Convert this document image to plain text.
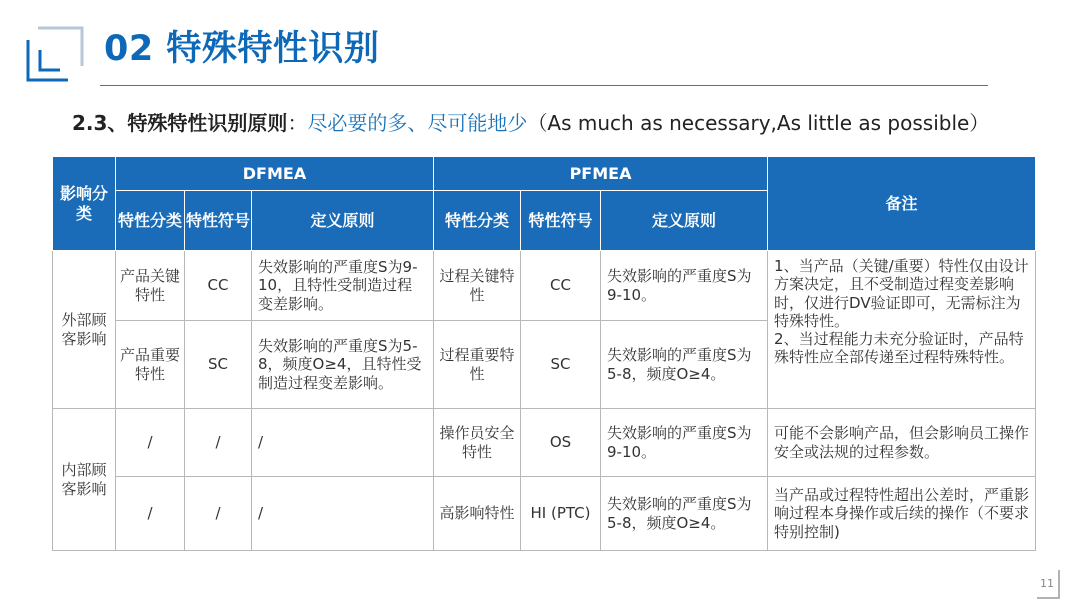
02 特殊特性识别
2.3、特殊特性识别原则：尽必要的多、尽可能地少（As much as necessary,As little as possible）
影响分类	DFMEA			PFMEA			备注
	特性分类	特性符号	定义原则	特性分类	特性符号	定义原则	
外部顾客影响	产品关键特性	CC	失效影响的严重度S为9-10，且特性受制造过程变差影响。	过程关键特性	CC	失效影响的严重度S为9-10。	1、当产品（关键/重要）特性仅由设计方案决定，且不受制造过程变差影响时，仅进行DV验证即可，无需标注为特殊特性。
2、当过程能力未充分验证时，产品特殊特性应全部传递至过程特殊特性。

	产品重要特性	SC	失效影响的严重度S为5-8，频度O≥4，且特性受制造过程变差影响。	过程重要特性	SC	失效影响的严重度S为5-8，频度O≥4。	
内部顾客影响	/	/	/	操作员安全特性	OS	失效影响的严重度S为9-10。	可能不会影响产品，但会影响员工操作安全或法规的过程参数。
	/	/	/	高影响特性	HI (PTC)	失效影响的严重度S为5-8，频度O≥4。	当产品或过程特性超出公差时，严重影响过程本身操作或后续的操作（不要求特别控制)
11
